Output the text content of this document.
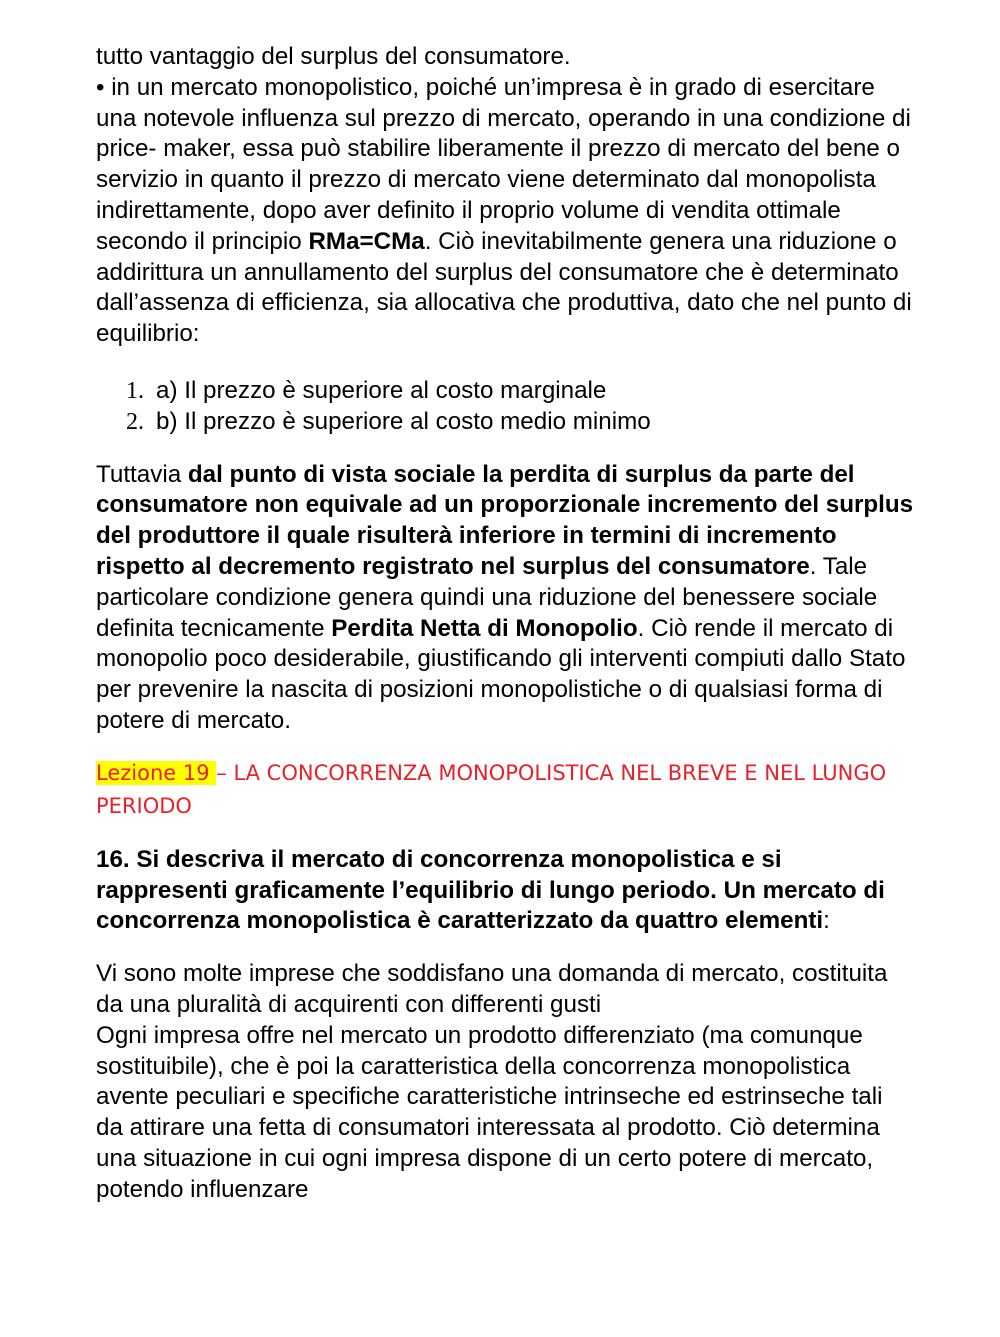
tutto vantaggio del surplus del consumatore.
• in un mercato monopolistico, poiché un’impresa è in grado di esercitare una notevole influenza sul prezzo di mercato, operando in una condizione di price- maker, essa può stabilire liberamente il prezzo di mercato del bene o servizio in quanto il prezzo di mercato viene determinato dal monopolista indirettamente, dopo aver definito il proprio volume di vendita ottimale secondo il principio RMa=CMa. Ciò inevitabilmente genera una riduzione o addirittura un annullamento del surplus del consumatore che è determinato dall’assenza di efficienza, sia allocativa che produttiva, dato che nel punto di equilibrio:

1. a) Il prezzo è superiore al costo marginale
2. b) Il prezzo è superiore al costo medio minimo

Tuttavia dal punto di vista sociale la perdita di surplus da parte del consumatore non equivale ad un proporzionale incremento del surplus del produttore il quale risulterà inferiore in termini di incremento rispetto al decremento registrato nel surplus del consumatore. Tale particolare condizione genera quindi una riduzione del benessere sociale definita tecnicamente Perdita Netta di Monopolio. Ciò rende il mercato di monopolio poco desiderabile, giustificando gli interventi compiuti dallo Stato per prevenire la nascita di posizioni monopolistiche o di qualsiasi forma di potere di mercato.

Lezione 19 – LA CONCORRENZA MONOPOLISTICA NEL BREVE E NEL LUNGO PERIODO

16. Si descriva il mercato di concorrenza monopolistica e si rappresenti graficamente l’equilibrio di lungo periodo. Un mercato di concorrenza monopolistica è caratterizzato da quattro elementi:

Vi sono molte imprese che soddisfano una domanda di mercato, costituita da una pluralità di acquirenti con differenti gusti
Ogni impresa offre nel mercato un prodotto differenziato (ma comunque sostituibile), che è poi la caratteristica della concorrenza monopolistica avente peculiari e specifiche caratteristiche intrinseche ed estrinseche tali da attirare una fetta di consumatori interessata al prodotto. Ciò determina una situazione in cui ogni impresa dispone di un certo potere di mercato, potendo influenzare
